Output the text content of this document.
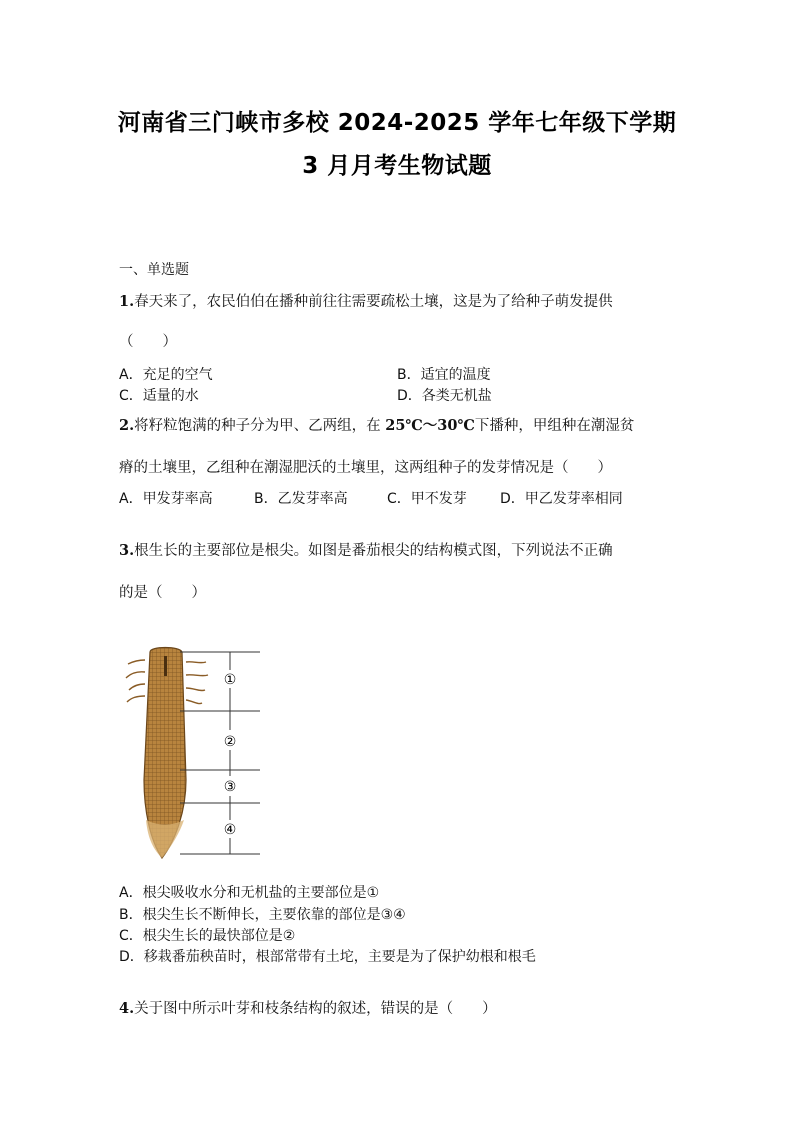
河南省三门峡市多校 2024-2025 学年七年级下学期
3 月月考生物试题
一、单选题
1.春天来了，农民伯伯在播种前往往需要疏松土壤，这是为了给种子萌发提供
（　　）
A．充足的空气	B．适宜的温度
C．适量的水	D．各类无机盐
2.将籽粒饱满的种子分为甲、乙两组，在 25℃～30℃下播种，甲组种在潮湿贫
瘠的土壤里，乙组种在潮湿肥沃的土壤里，这两组种子的发芽情况是（　　）
A．甲发芽率高	B．乙发芽率高	C．甲不发芽 D．甲乙发芽率相同
3.根生长的主要部位是根尖。如图是番茄根尖的结构模式图，下列说法不正确
的是（　　）
①
②
③
④
A．根尖吸收水分和无机盐的主要部位是①
B．根尖生长不断伸长，主要依靠的部位是③④
C．根尖生长的最快部位是②
D．移栽番茄秧苗时，根部常带有土坨，主要是为了保护幼根和根毛
4.关于图中所示叶芽和枝条结构的叙述，错误的是（　　）
